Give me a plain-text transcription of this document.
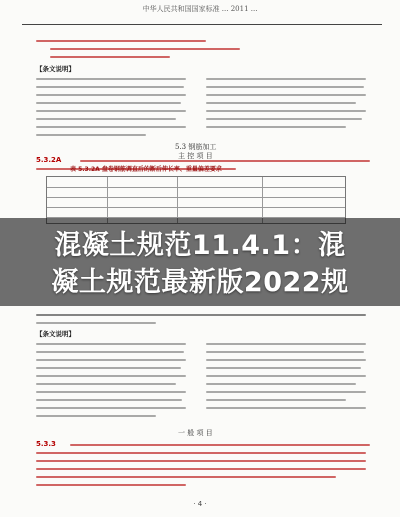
中华人民共和国国家标准 ... 2011 ...
【条文说明】
5.3 钢筋加工
主 控 项 目
5.3.2A
表 5.3.2A 盘卷钢筋调直后的断后伸长率、重量偏差要求
【条文说明】
一 般 项 目
5.3.3
· 4 ·
混凝土规范11.4.1：混
凝土规范最新版2022规
